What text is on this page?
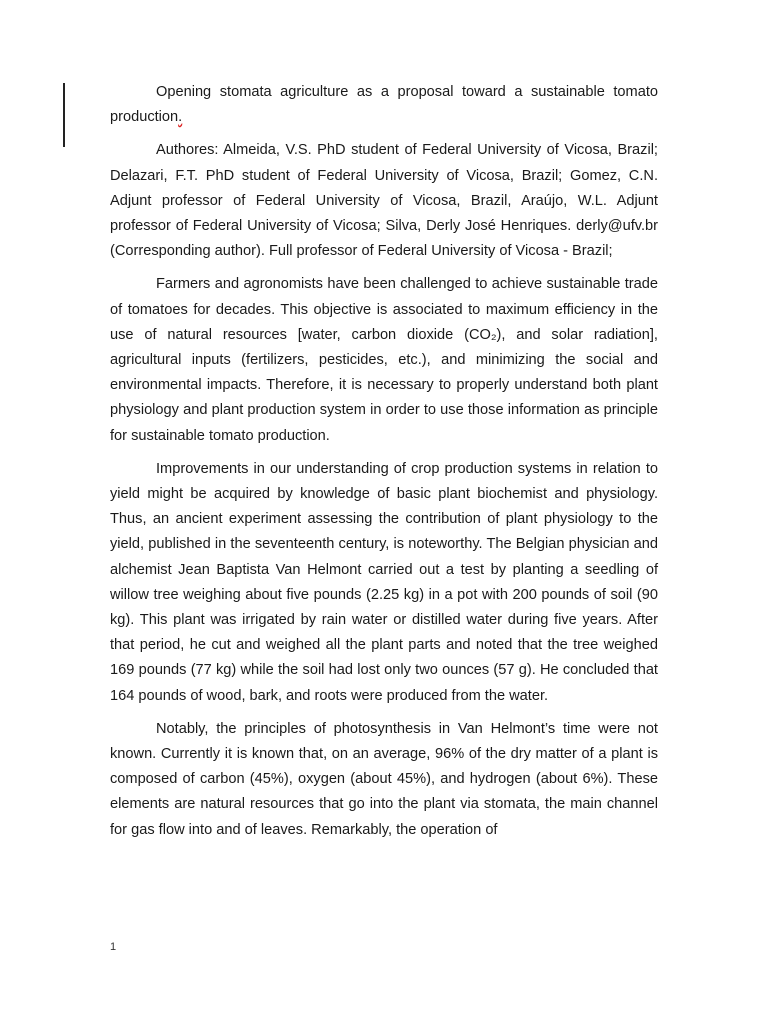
Opening stomata agriculture as a proposal toward a sustainable tomato production.

Authores: Almeida, V.S. PhD student of Federal University of Vicosa, Brazil; Delazari, F.T. PhD student of Federal University of Vicosa, Brazil; Gomez, C.N. Adjunt professor of Federal University of Vicosa, Brazil, Araújo, W.L. Adjunt professor of Federal University of Vicosa; Silva, Derly José Henriques. derly@ufv.br (Corresponding author). Full professor of Federal University of Vicosa - Brazil;

Farmers and agronomists have been challenged to achieve sustainable trade of tomatoes for decades. This objective is associated to maximum efficiency in the use of natural resources [water, carbon dioxide (CO₂), and solar radiation], agricultural inputs (fertilizers, pesticides, etc.), and minimizing the social and environmental impacts. Therefore, it is necessary to properly understand both plant physiology and plant production system in order to use those information as principle for sustainable tomato production.

Improvements in our understanding of crop production systems in relation to yield might be acquired by knowledge of basic plant biochemist and physiology. Thus, an ancient experiment assessing the contribution of plant physiology to the yield, published in the seventeenth century, is noteworthy. The Belgian physician and alchemist Jean Baptista Van Helmont carried out a test by planting a seedling of willow tree weighing about five pounds (2.25 kg) in a pot with 200 pounds of soil (90 kg). This plant was irrigated by rain water or distilled water during five years. After that period, he cut and weighed all the plant parts and noted that the tree weighed 169 pounds (77 kg) while the soil had lost only two ounces (57 g). He concluded that 164 pounds of wood, bark, and roots were produced from the water.

Notably, the principles of photosynthesis in Van Helmont’s time were not known. Currently it is known that, on an average, 96% of the dry matter of a plant is composed of carbon (45%), oxygen (about 45%), and hydrogen (about 6%). These elements are natural resources that go into the plant via stomata, the main channel for gas flow into and of leaves. Remarkably, the operation of

1
